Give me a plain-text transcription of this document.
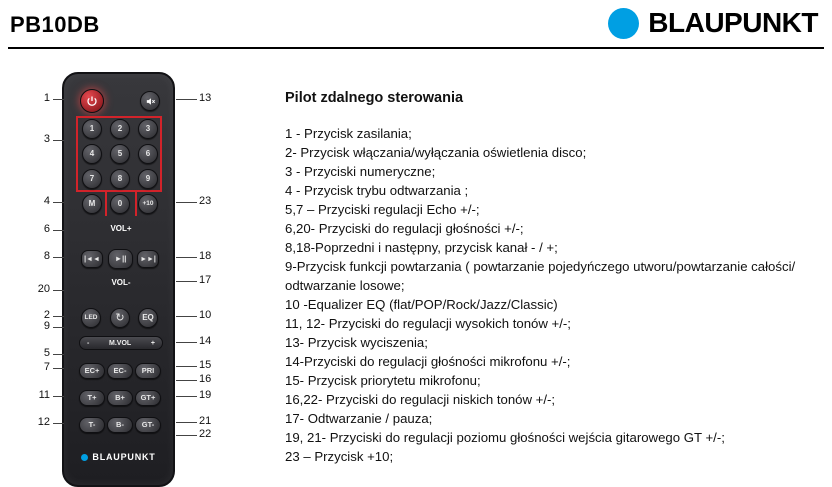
PB10DB	BLAUPUNKT
1	2	3
4	5	6
7	8	9
M	0	+10
VOL+
|◄◄	►||	►►|
VOL-
LED	↻	EQ
-	M.VOL	+
EC+	EC-	PRI
T+	B+	GT+
T-	B-	GT-
BLAUPUNKT
1
3
4
6
8
20
2
9
5
7
11
12
13
23
18
17
10
14
15
16
19
21
22
Pilot zdalnego sterowania
1 - Przycisk zasilania;
2- Przycisk włączania/wyłączania oświetlenia disco;
3 - Przyciski numeryczne;
4 - Przycisk trybu odtwarzania ;
5,7 – Przyciski regulacji Echo +/-;
6,20- Przyciski do regulacji głośności +/-;
8,18-Poprzedni i następny, przycisk kanał - / +;
9-Przycisk funkcji powtarzania ( powtarzanie pojedyńczego utworu/powtarzanie całości/ odtwarzanie losowe;
10 -Equalizer EQ (flat/POP/Rock/Jazz/Classic)
11, 12- Przyciski do regulacji wysokich tonów +/-;
13- Przycisk wyciszenia;
14-Przyciski do regulacji głośności mikrofonu +/-;
15- Przycisk priorytetu mikrofonu;
16,22- Przyciski do regulacji niskich tonów +/-;
17- Odtwarzanie / pauza;
19, 21- Przyciski do regulacji poziomu głośności wejścia gitarowego GT +/-;
23 – Przycisk +10;
